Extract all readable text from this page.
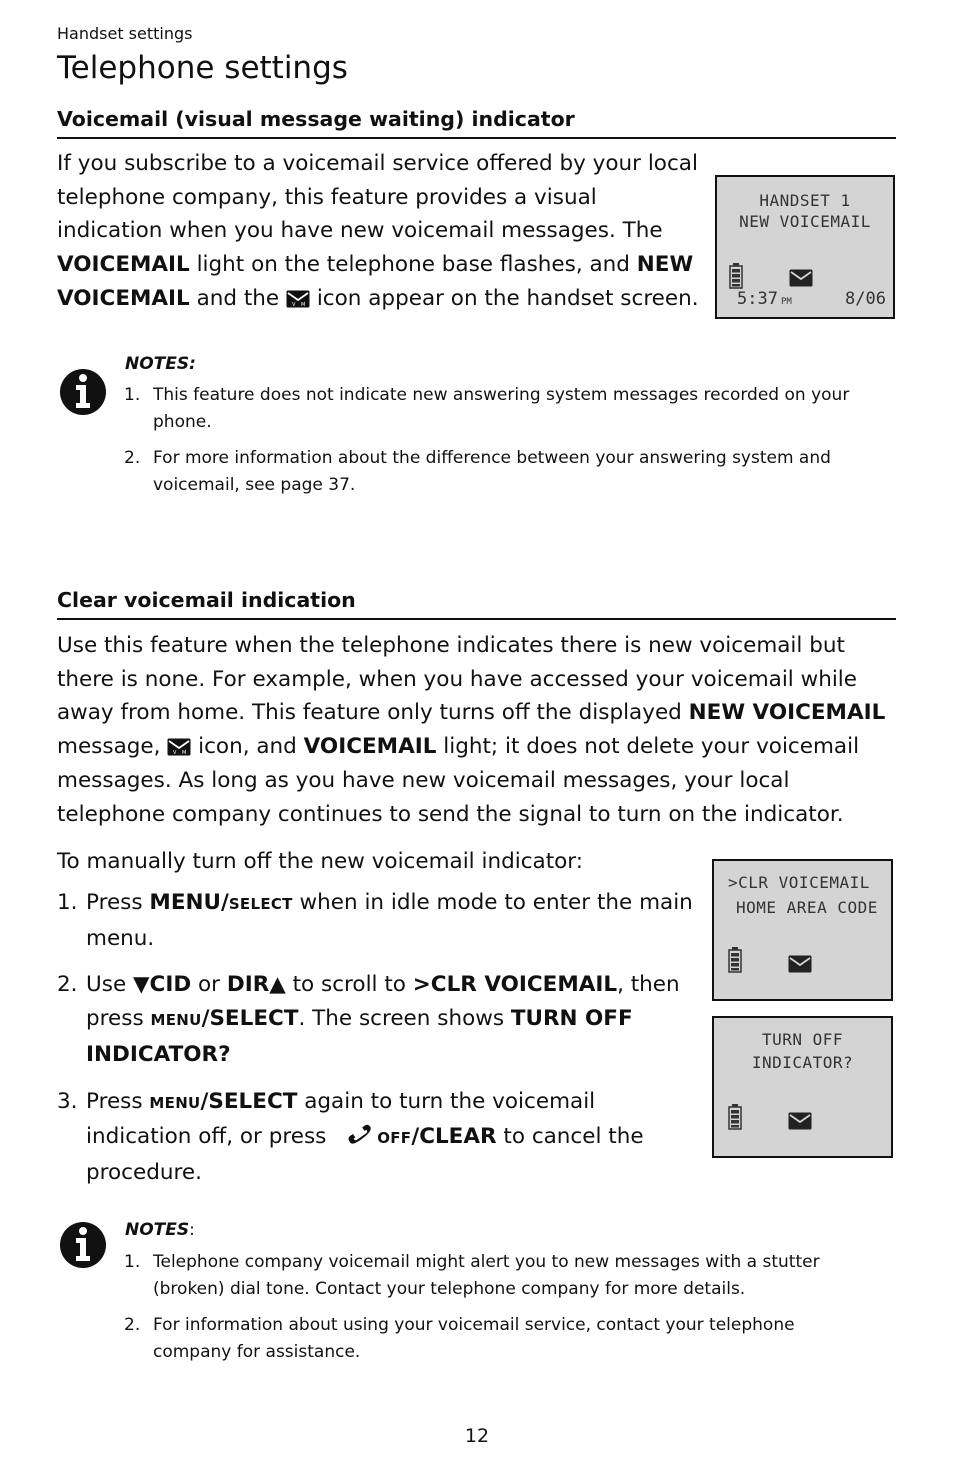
Handset settings
Telephone settings
Voicemail (visual message waiting) indicator
If you subscribe to a voicemail service offered by your local telephone company, this feature provides a visual indication when you have new voicemail messages. The VOICEMAIL light on the telephone base flashes, and NEW VOICEMAIL and the V M icon appear on the handset screen.
HANDSET 1
NEW VOICEMAIL
5:37 PM	8/06
NOTES:
1. This feature does not indicate new answering system messages recorded on your phone.
2. For more information about the difference between your answering system and voicemail, see page 37.
Clear voicemail indication
Use this feature when the telephone indicates there is new voicemail but there is none. For example, when you have accessed your voicemail while away from home. This feature only turns off the displayed NEW VOICEMAIL message, V M icon, and VOICEMAIL light; it does not delete your voicemail messages. As long as you have new voicemail messages, your local telephone company continues to send the signal to turn on the indicator.
To manually turn off the new voicemail indicator:
1. Press MENU/SELECT when in idle mode to enter the main menu.
2. Use ▼CID or DIR▲ to scroll to >CLR VOICEMAIL, then press MENU/SELECT. The screen shows TURN OFF INDICATOR?
3. Press MENU/SELECT again to turn the voicemail indication off, or press	OFF/CLEAR to cancel the procedure.
>CLR VOICEMAIL
HOME AREA CODE
TURN OFF
INDICATOR?
NOTES:
1. Telephone company voicemail might alert you to new messages with a stutter (broken) dial tone. Contact your telephone company for more details.
2. For information about using your voicemail service, contact your telephone company for assistance.
12
